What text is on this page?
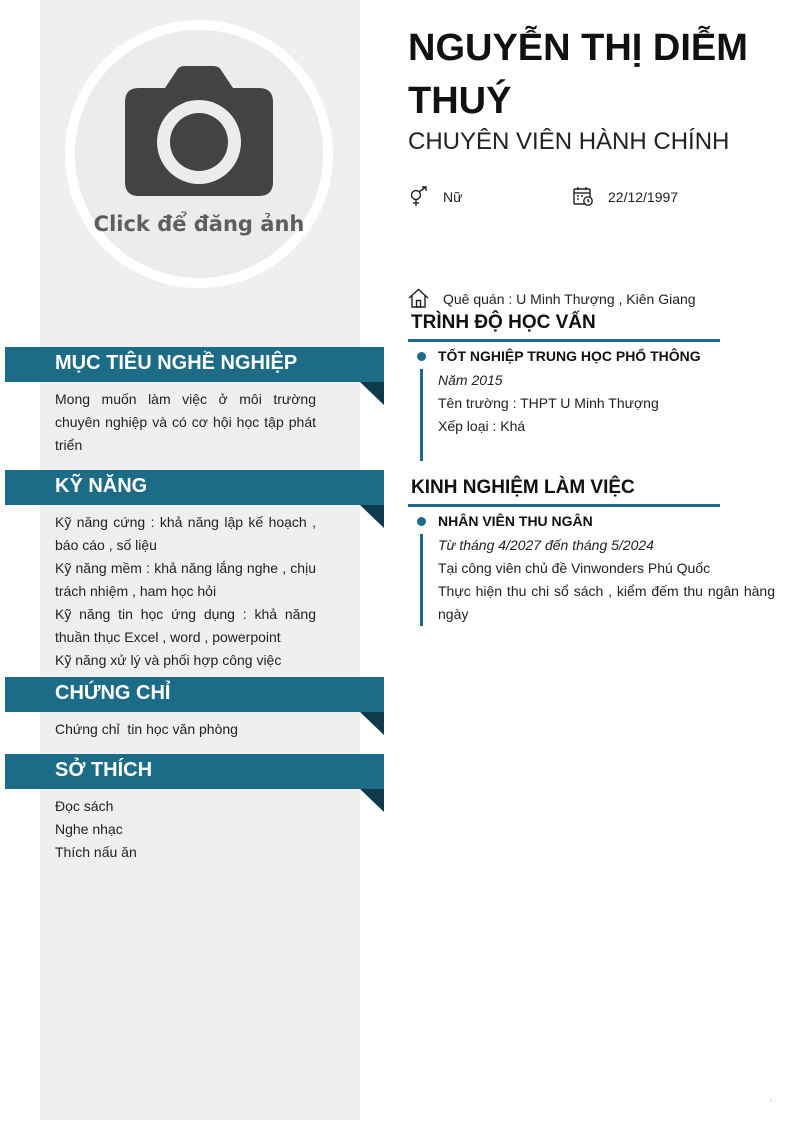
Click để đăng ảnh
MỤC TIÊU NGHỀ NGHIỆP
Mong muốn làm việc ở môi trường chuyên nghiệp và có cơ hội học tập phát triển
KỸ NĂNG
Kỹ năng cứng : khả năng lập kế hoạch , báo cáo , số liệu
Kỹ năng mềm : khả năng lắng nghe , chịu trách nhiệm , ham học hỏi
Kỹ năng tin học ứng dụng : khả năng thuần thục Excel , word , powerpoint
Kỹ năng xử lý và phối hợp công việc
CHỨNG CHỈ
Chứng chỉ  tin học văn phòng
SỞ THÍCH
Đọc sách
Nghe nhạc
Thích nấu ăn
NGUYỄN THỊ DIỄM THUÝ
CHUYÊN VIÊN HÀNH CHÍNH
Nữ	22/12/1997
Quê quán : U Minh Thượng , Kiên Giang
TRÌNH ĐỘ HỌC VẤN
TỐT NGHIỆP TRUNG HỌC PHỔ THÔNG
Năm 2015
Tên trường : THPT U Minh Thượng
Xếp loại : Khá
KINH NGHIỆM LÀM VIỆC
NHÂN VIÊN THU NGÂN
Từ tháng 4/2027 đến tháng 5/2024
Tại công viên chủ đề Vinwonders Phú Quốc
Thực hiện thu chi sổ sách , kiểm đếm thu ngân hàng ngày
.
